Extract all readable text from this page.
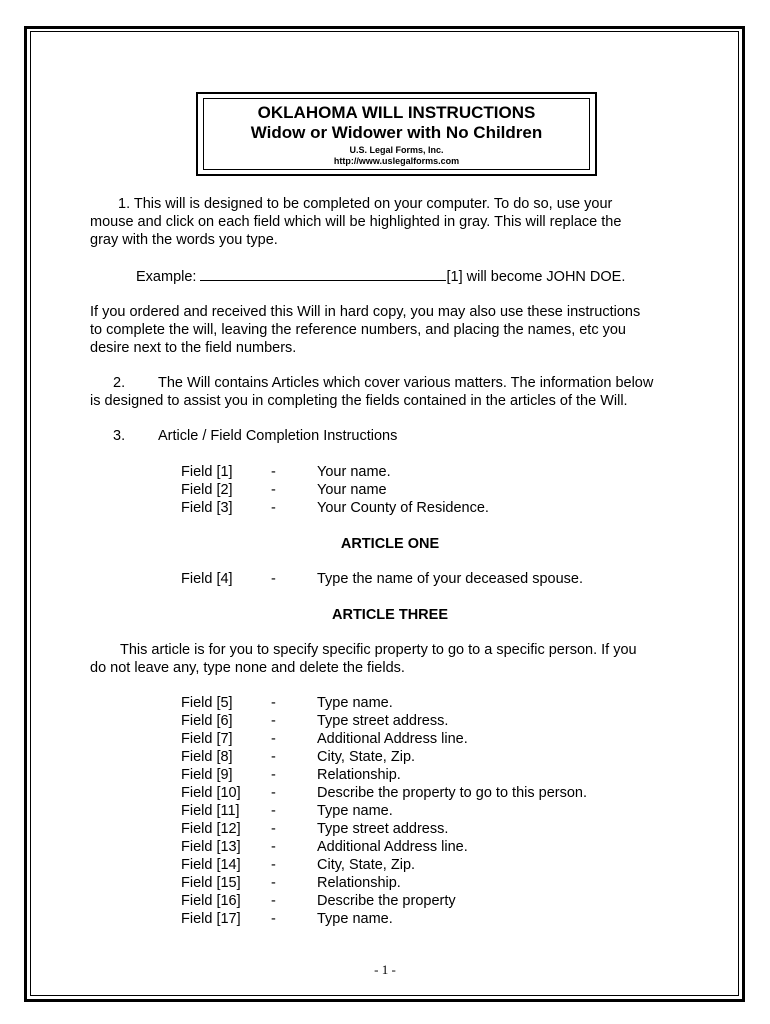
OKLAHOMA WILL INSTRUCTIONS
Widow or Widower with No Children
U.S. Legal Forms, Inc.
http://www.uslegalforms.com
1. This will is designed to be completed on your computer. To do so, use your
mouse and click on each field which will be highlighted in gray. This will replace the
gray with the words you type.
Example:	[1] will become JOHN DOE.
If you ordered and received this Will in hard copy, you may also use these instructions
to complete the will, leaving the reference numbers, and placing the names, etc you
desire next to the field numbers.
2. The Will contains Articles which cover various matters. The information below
is designed to assist you in completing the fields contained in the articles of the Will.
3. Article / Field Completion Instructions
Field [1]	-	Your name.
Field [2]	-	Your name
Field [3]	-	Your County of Residence.
ARTICLE ONE
Field [4]	-	Type the name of your deceased spouse.
ARTICLE THREE
This article is for you to specify specific property to go to a specific person. If you
do not leave any, type none and delete the fields.
Field [5]	-	Type name.
Field [6]	-	Type street address.
Field [7]	-	Additional Address line.
Field [8]	-	City, State, Zip.
Field [9]	-	Relationship.
Field [10] -	Describe the property to go to this person.
Field [11] -	Type name.
Field [12] -	Type street address.
Field [13] -	Additional Address line.
Field [14] -	City, State, Zip.
Field [15] -	Relationship.
Field [16] -	Describe the property
Field [17] -	Type name.
- 1 -
